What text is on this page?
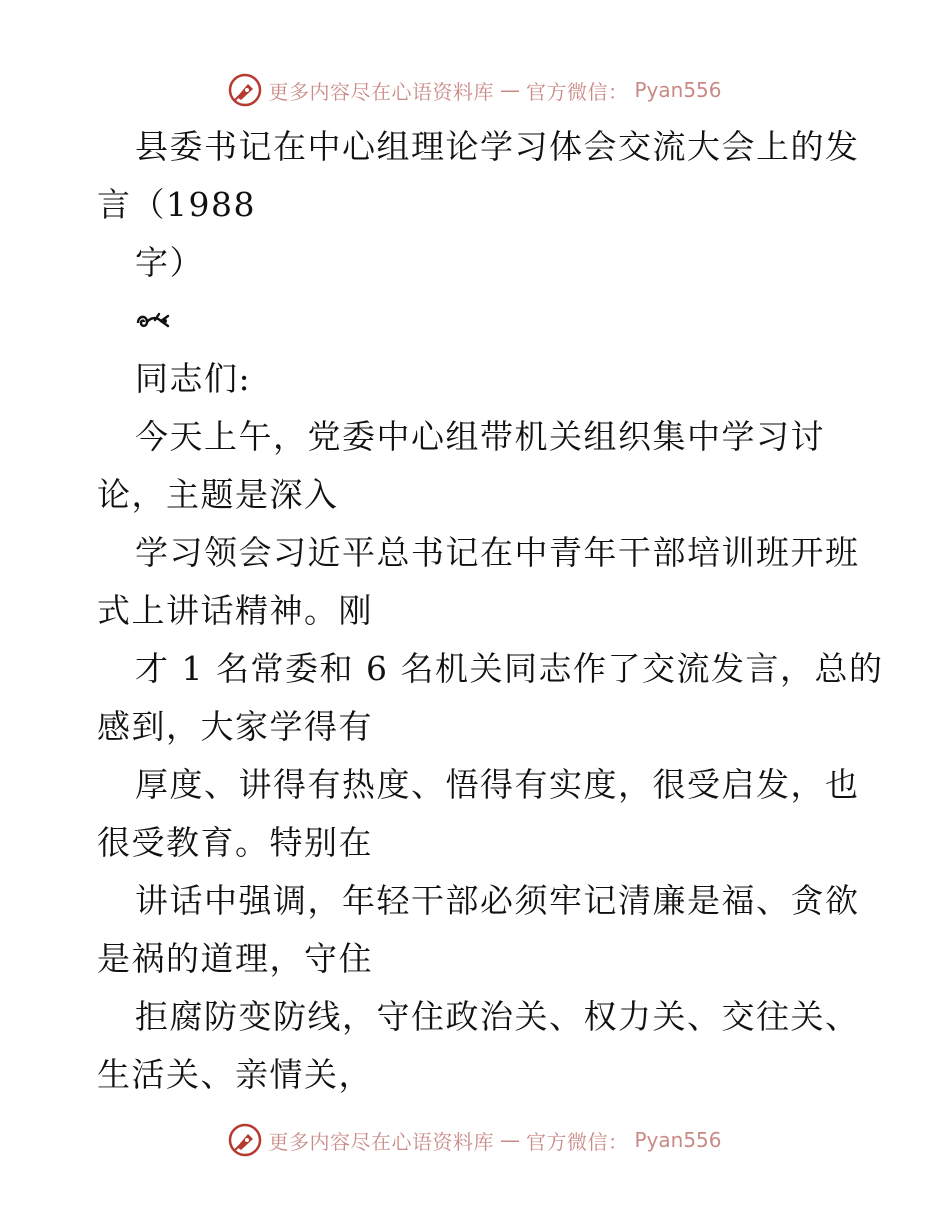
更多内容尽在心语资料库 — 官方微信： Pyan556
县委书记在中心组理论学习体会交流大会上的发
言（1988
字）
同志们:
今天上午，党委中心组带机关组织集中学习讨
论，主题是深入
学习领会习近平总书记在中青年干部培训班开班
式上讲话精神。刚
才 1 名常委和 6 名机关同志作了交流发言，总的
感到，大家学得有
厚度、讲得有热度、悟得有实度，很受启发，也
很受教育。特别在
讲话中强调，年轻干部必须牢记清廉是福、贪欲
是祸的道理，守住
拒腐防变防线，守住政治关、权力关、交往关、
生活关、亲情关，
更多内容尽在心语资料库 — 官方微信： Pyan556
